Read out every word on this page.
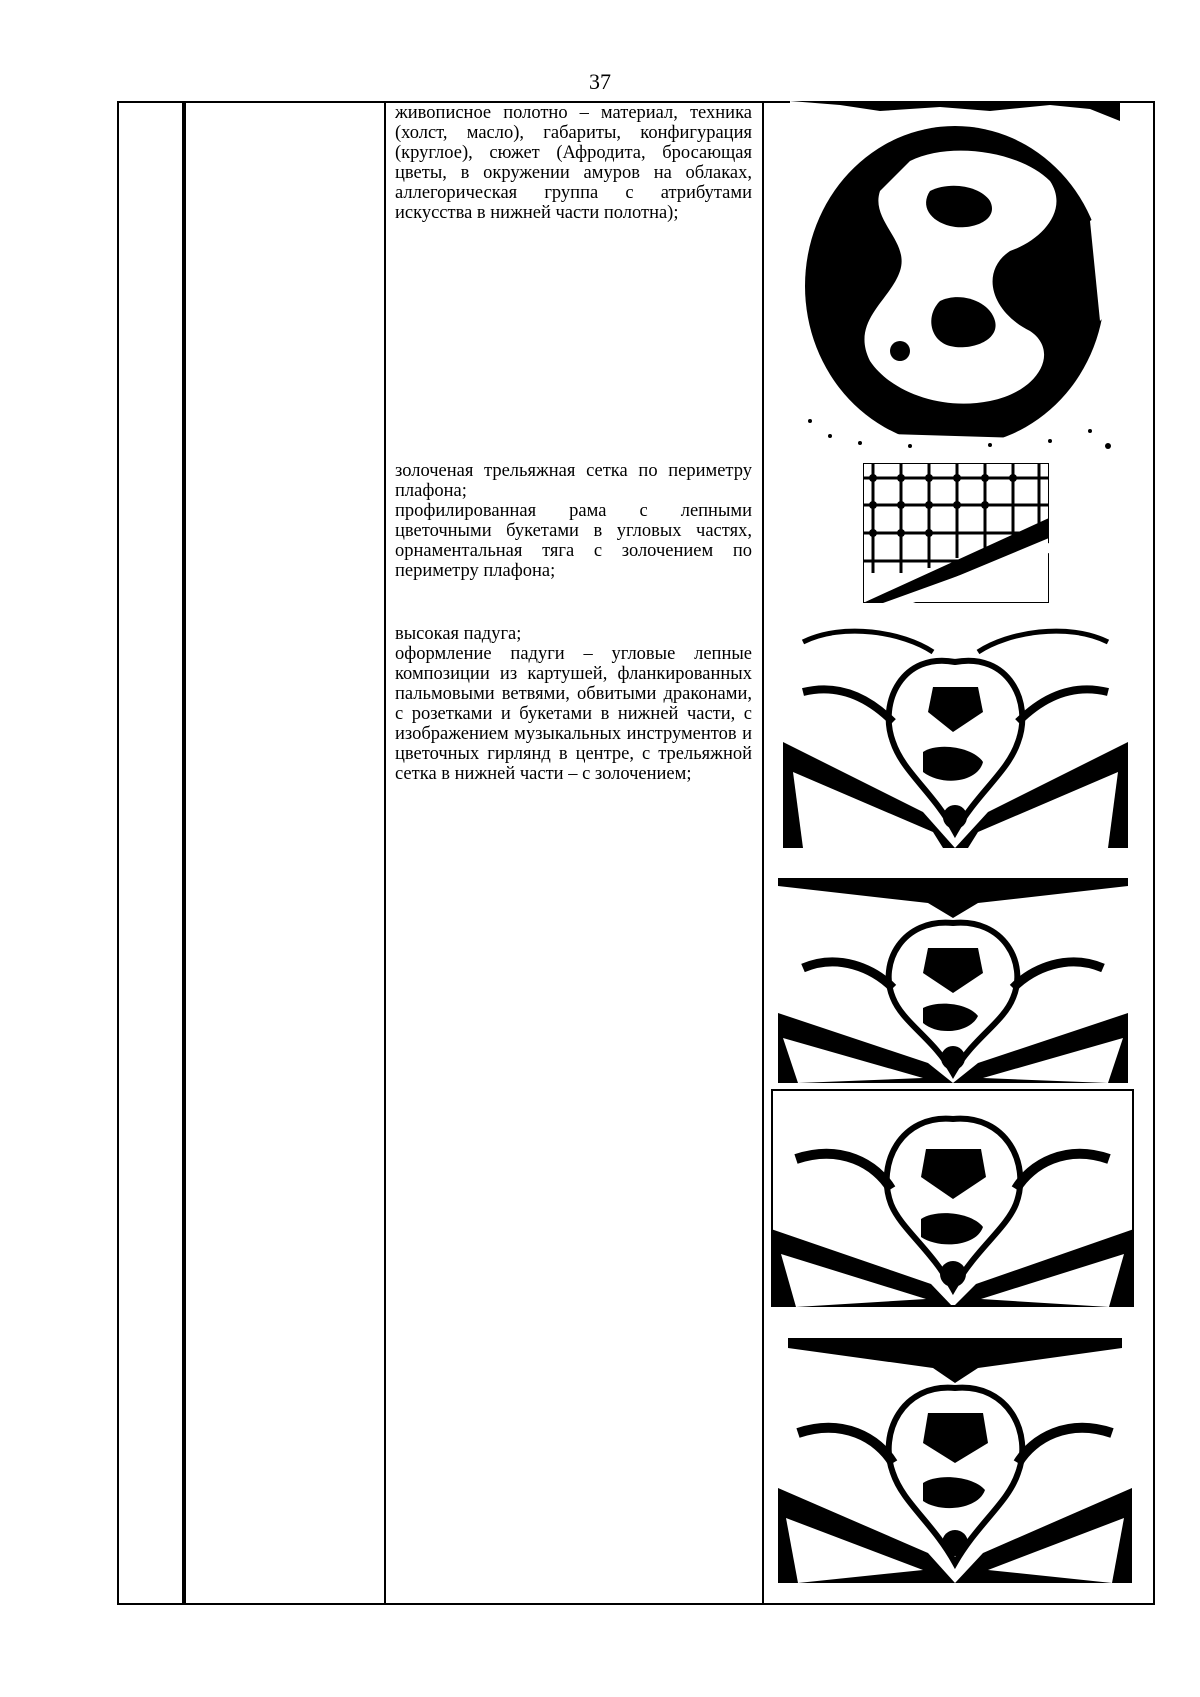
37

живописное полотно – материал, техника (холст, масло), габариты, конфигурация (круглое), сюжет (Афродита, бросающая цветы, в окружении амуров на облаках, аллегорическая группа с атрибутами искусства в нижней части полотна);

золоченая трельяжная сетка по периметру плафона;

профилированная рама с лепными цветочными букетами в угловых частях, орнаментальная тяга с золочением по периметру плафона;

высокая падуга;

оформление падуги – угловые лепные композиции из картушей, фланкированных пальмовыми ветвями, обвитыми драконами, с розетками и букетами в нижней части, с изображением музыкальных инструментов и цветочных гирлянд в центре, с трельяжной сетка в нижней части – с золочением;
